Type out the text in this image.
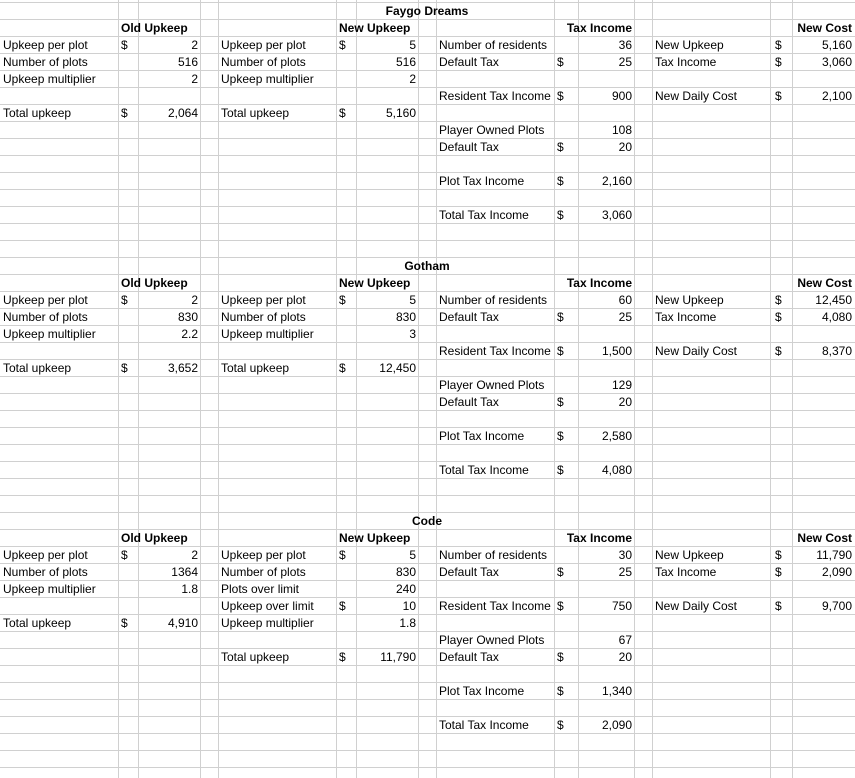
Faygo Dreams
Old Upkeep
Upkeep per plot	$	2
Number of plots	516
Upkeep multiplier	2
Total upkeep	$	2,064
New Upkeep
Upkeep per plot	$	5
Number of plots	516
Upkeep multiplier	2
Total upkeep	$	5,160
Tax Income
Number of residents	36
Default Tax	$	25
Resident Tax Income $	900
Player Owned Plots	108
Default Tax	$	20
Plot Tax Income	$	2,160
Total Tax Income	$	3,060
New Cost
New Upkeep	$	5,160
Tax Income	$	3,060
New Daily Cost	$	2,100
Gotham
Old Upkeep
Upkeep per plot	$	2
Number of plots	830
Upkeep multiplier	2.2
Total upkeep	$	3,652
New Upkeep
Upkeep per plot	$	5
Number of plots	830
Upkeep multiplier	3
Total upkeep	$	12,450
Tax Income
Number of residents	60
Default Tax	$	25
Resident Tax Income $	1,500
Player Owned Plots	129
Default Tax	$	20
Plot Tax Income	$	2,580
Total Tax Income	$	4,080
New Cost
New Upkeep	$	12,450
Tax Income	$	4,080
New Daily Cost	$	8,370
Code
Old Upkeep
Upkeep per plot	$	2
Number of plots	1364
Upkeep multiplier	1.8
Total upkeep	$	4,910
New Upkeep
Upkeep per plot	$	5
Number of plots	830
Plots over limit	240
Upkeep over limit	$	10
Upkeep multiplier	1.8
Total upkeep	$	11,790
Tax Income
Number of residents	30
Default Tax	$	25
Resident Tax Income $	750
Player Owned Plots	67
Default Tax	$	20
Plot Tax Income	$	1,340
Total Tax Income	$	2,090
New Cost
New Upkeep	$	11,790
Tax Income	$	2,090
New Daily Cost	$	9,700
